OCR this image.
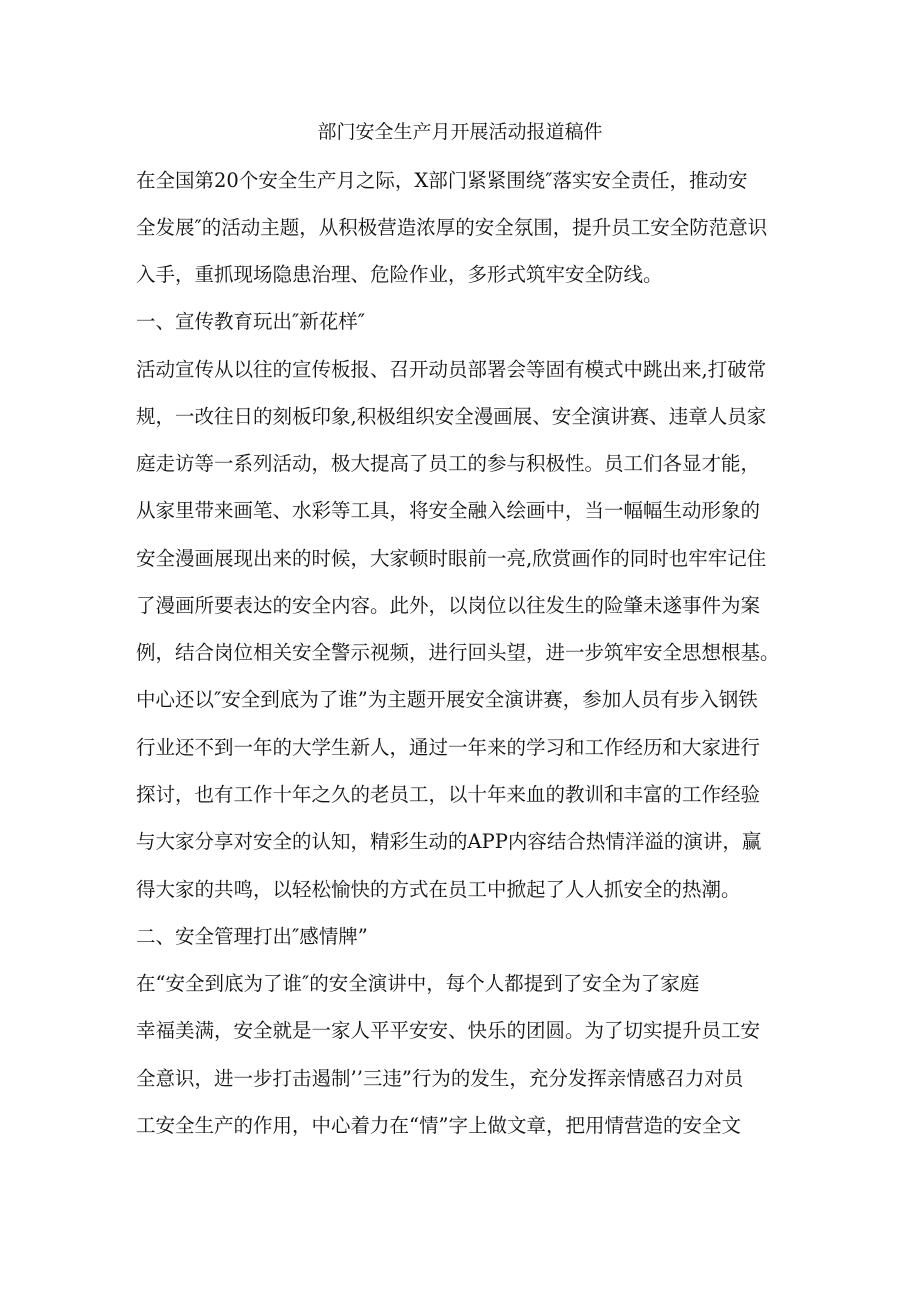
部门安全生产月开展活动报道稿件
在全国第20个安全生产月之际，X部门紧紧围绕″落实安全责任，推动安
全发展″的活动主题，从积极营造浓厚的安全氛围，提升员工安全防范意识
入手，重抓现场隐患治理、危险作业，多形式筑牢安全防线。
一、宣传教育玩出″新花样″
活动宣传从以往的宣传板报、召开动员部署会等固有模式中跳出来,打破常
规，一改往日的刻板印象,积极组织安全漫画展、安全演讲赛、违章人员家
庭走访等一系列活动，极大提高了员工的参与积极性。员工们各显才能，
从家里带来画笔、水彩等工具，将安全融入绘画中，当一幅幅生动形象的
安全漫画展现出来的时候，大家顿时眼前一亮,欣赏画作的同时也牢牢记住
了漫画所要表达的安全内容。此外，以岗位以往发生的险肇未遂事件为案
例，结合岗位相关安全警示视频，进行回头望，进一步筑牢安全思想根基。
中心还以″安全到底为了谁”为主题开展安全演讲赛，参加人员有步入钢铁
行业还不到一年的大学生新人，通过一年来的学习和工作经历和大家进行
探讨，也有工作十年之久的老员工，以十年来血的教训和丰富的工作经验
与大家分享对安全的认知，精彩生动的APP内容结合热情洋溢的演讲，赢
得大家的共鸣，以轻松愉快的方式在员工中掀起了人人抓安全的热潮。
二、安全管理打出″感情牌”
在“安全到底为了谁″的安全演讲中，每个人都提到了安全为了家庭
幸福美满，安全就是一家人平平安安、快乐的团圆。为了切实提升员工安
全意识，进一步打击遏制’’三违”行为的发生，充分发挥亲情感召力对员
工安全生产的作用，中心着力在“情”字上做文章，把用情营造的安全文
